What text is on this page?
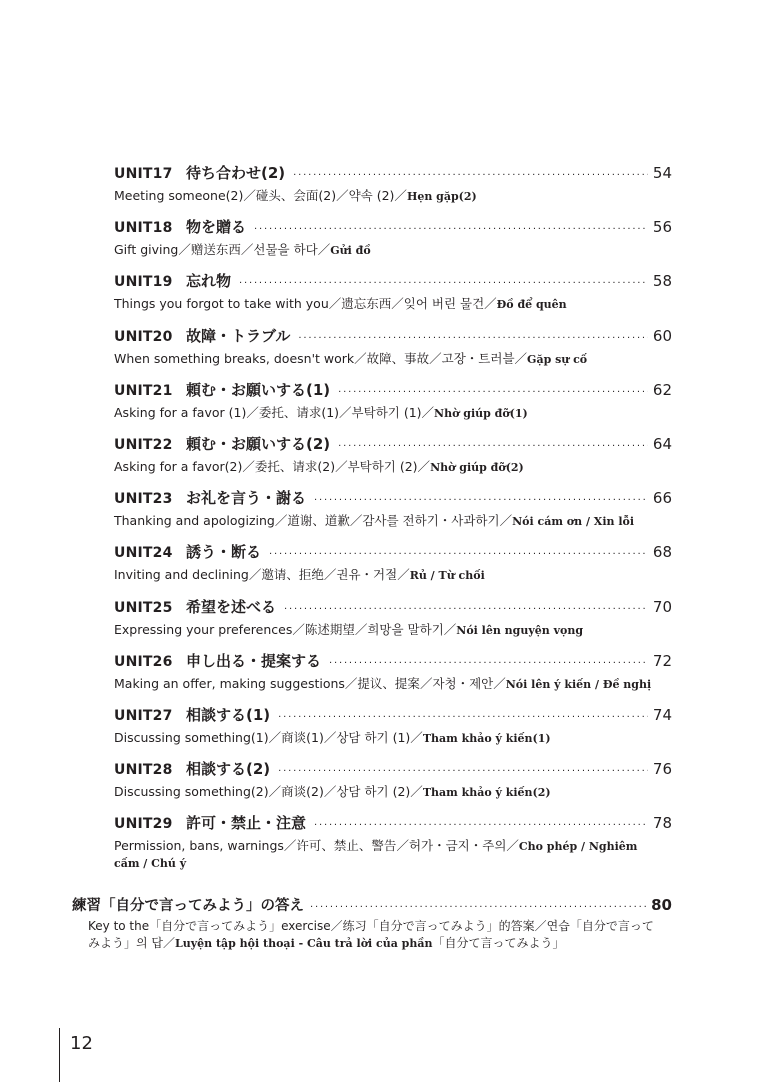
UNIT17 待ち合わせ(2) ·····	54
Meeting someone(2)／碰头、会面(2)／약속 (2)／Hẹn gặp(2)
UNIT18 物を贈る ·····	56
Gift giving／赠送东西／선물을 하다／Gửi đồ
UNIT19 忘れ物 ·····	58
Things you forgot to take with you／遗忘东西／잊어 버린 물건／Đồ để quên
UNIT20 故障・トラブル ·····	60
When something breaks, doesn't work／故障、事故／고장・트러블／Gặp sự cố
UNIT21 頼む・お願いする(1) ·····	62
Asking for a favor (1)／委托、请求(1)／부탁하기 (1)／Nhờ giúp đỡ(1)
UNIT22 頼む・お願いする(2) ·····	64
Asking for a favor(2)／委托、请求(2)／부탁하기 (2)／Nhờ giúp đỡ(2)
UNIT23 お礼を言う・謝る ·····	66
Thanking and apologizing／道谢、道歉／감사를 전하기・사과하기／Nói cám ơn / Xin lỗi
UNIT24 誘う・断る ·····	68
Inviting and declining／邀请、拒绝／권유・거절／Rủ / Từ chối
UNIT25 希望を述べる ·····	70
Expressing your preferences／陈述期望／희망을 말하기／Nói lên nguyện vọng
UNIT26 申し出る・提案する ·····	72
Making an offer, making suggestions／提议、提案／자청・제안／Nói lên ý kiến / Đề nghị
UNIT27 相談する(1) ·····	74
Discussing something(1)／商谈(1)／상담 하기 (1)／Tham khảo ý kiến(1)
UNIT28 相談する(2) ·····	76
Discussing something(2)／商谈(2)／상담 하기 (2)／Tham khảo ý kiến(2)
UNIT29 許可・禁止・注意 ·····	78
Permission, bans, warnings／许可、禁止、警告／허가・금지・주의／Cho phép / Nghiêm cấm / Chú ý
練習「自分で言ってみよう」の答え ·····	80
Key to the「自分で言ってみよう」exercise／练习「自分で言ってみよう」的答案／연습「自分で言ってみよう」의 답／Luyện tập hội thoại - Câu trả lời của phần「自分て言ってみよう」
12
